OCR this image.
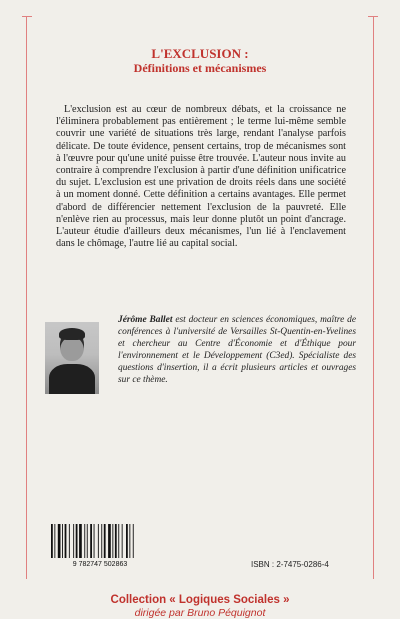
L'EXCLUSION :
Définitions et mécanismes

L'exclusion est au cœur de nombreux débats, et la croissance ne l'éliminera probablement pas entièrement ; le terme lui-même semble couvrir une variété de situations très large, rendant l'analyse parfois délicate. De toute évidence, pensent certains, trop de mécanismes sont à l'œuvre pour qu'une unité puisse être trouvée. L'auteur nous invite au contraire à comprendre l'exclusion à partir d'une définition unificatrice du sujet. L'exclusion est une privation de droits réels dans une société à un moment donné. Cette définition a certains avantages. Elle permet d'abord de différencier nettement l'exclusion de la pauvreté. Elle n'enlève rien au processus, mais leur donne plutôt un point d'ancrage. L'auteur étudie d'ailleurs deux mécanismes, l'un lié à l'enclavement dans le chômage, l'autre lié au capital social.

Jérôme Ballet est docteur en sciences économiques, maître de conférences à l'université de Versailles St-Quentin-en-Yvelines et chercheur au Centre d'Économie et d'Éthique pour l'environnement et le Développement (C3ed). Spécialiste des questions d'insertion, il a écrit plusieurs articles et ouvrages sur ce thème.
9 782747 502863	ISBN : 2-7475-0286-4
Collection « Logiques Sociales »
dirigée par Bruno Péquignot
